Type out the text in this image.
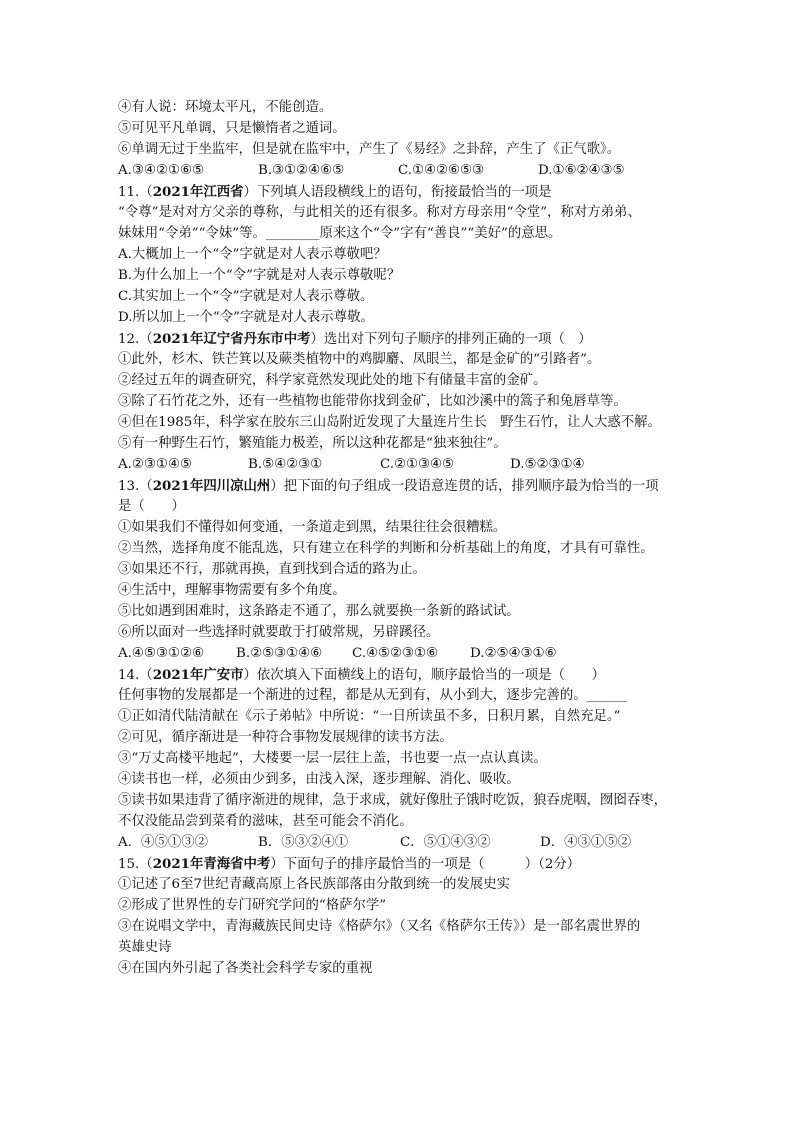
④有人说：环境太平凡，不能创造。
⑤可见平凡单调，只是懒惰者之遁词。
⑥单调无过于坐监牢，但是就在监牢中，产生了《易经》之卦辞，产生了《正气歌》。
A.③④②①⑥⑤	B.③①②④⑥⑤	C.①④②⑥⑤③	D.①⑥②④③⑤
11.（2021年江西省）下列填人语段横线上的语句，衔接最恰当的一项是
“令尊”是对对方父亲的尊称，与此相关的还有很多。称对方母亲用“令堂”，称对方弟弟、
妹妹用“令弟”“令妹”等。________原来这个“令”字有“善良”“美好”的意思。
A.大概加上一个“令”字就是对人表示尊敬吧？
B.为什么加上一个“令”字就是对人表示尊敬呢？
C.其实加上一个“令”字就是对人表示尊敬。
D.所以加上一个“令”字就是对人表示尊敬。
12.（2021年辽宁省丹东市中考）选出对下列句子顺序的排列正确的一项（　）
①此外，杉木、铁芒箕以及蕨类植物中的鸡脚麝、凤眼兰，都是金矿的“引路者”。
②经过五年的调查研究，科学家竟然发现此处的地下有储量丰富的金矿。
③除了石竹花之外，还有一些植物也能带你找到金矿，比如沙溪中的篙子和兔唇草等。
④但在1985年，科学家在胶东三山岛附近发现了大量连片生长　野生石竹，让人大惑不解。
⑤有一种野生石竹，繁殖能力极差，所以这种花都是“独来独往”。
A.②③①④⑤	B.⑤④②③①	C.②①③④⑤	D.⑤②③①④
13.（2021年四川凉山州）把下面的句子组成一段语意连贯的话，排列顺序最为恰当的一项
是（　　）
①如果我们不懂得如何变通，一条道走到黑，结果往往会很糟糕。
②当然，选择角度不能乱选，只有建立在科学的判断和分析基础上的角度，才具有可靠性。
③如果还不行，那就再换，直到找到合适的路为止。
④生活中，理解事物需要有多个角度。
⑤比如遇到困难时，这条路走不通了，那么就要换一条新的路试试。
⑥所以面对一些选择时就要敢于打破常规，另辟蹊径。
A.④⑤③①②⑥ B.②⑤③①④⑥ C.④⑤②③①⑥ D.②⑤④③①⑥
14.（2021年广安市）依次填入下面横线上的语句，顺序最恰当的一项是（　　）
任何事物的发展都是一个渐进的过程，都是从无到有，从小到大，逐步完善的。______
①正如清代陆清献在《示子弟帖》中所说：“一日所读虽不多，日积月累，自然充足。”
②可见，循序渐进是一种符合事物发展规律的读书方法。
③“万丈高楼平地起”，大楼要一层一层往上盖，书也要一点一点认真读。
④读书也一样，必须由少到多，由浅入深，逐步理解、消化、吸收。
⑤读书如果违背了循序渐进的规律，急于求成，就好像肚子饿时吃饭，狼吞虎咽，囫囵吞枣，
不仅没能品尝到菜肴的滋味，甚至可能会不消化。
A．④⑤①③②	B．⑤③②④①	C．⑤①④③②	D．④③①⑤②
15.（2021年青海省中考）下面句子的排序最恰当的一项是（　　　）（2分）
①记述了6至7世纪青藏高原上各民族部落由分散到统一的发展史实
②形成了世界性的专门研究学问的“格萨尔学”
③在说唱文学中，青海藏族民间史诗《格萨尔》（又名《格萨尔王传》）是一部名震世界的
英雄史诗
④在国内外引起了各类社会科学专家的重视
